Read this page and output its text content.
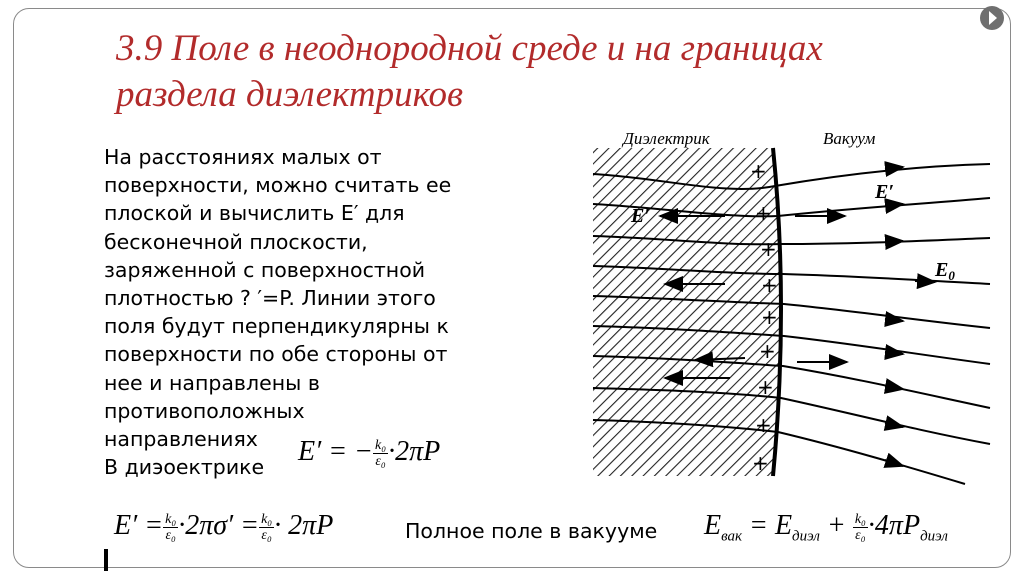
3.9 Поле в неоднородной среде и на границах
раздела диэлектриков
На расстояниях малых от
поверхности, можно считать ее
плоской и вычислить E′ для
бесконечной плоскости,
заряженной с поверхностной
плотностью ? ′=P. Линии этого
поля будут перпендикулярны к
поверхности по обе стороны от
нее и направлены в
противоположных
направлениях
В диэоектрике
E′ = − $\frac{\text{k₀}}{\text{ε₀}} \cdot 2\pi P$
$E' = \frac{\text{k₀}}{\text{ε₀}} \cdot 2\pi\sigma' = \frac{\text{k₀}}{\text{ε₀}} \cdot 2\pi P$	Полное поле в вакууме $E_{вак} = E_{диэл} + \frac{\text{k₀}}{\text{ε₀}} \cdot 4\pi P_{диэл}$
+
+
+
+
+
+
+
+
+
Диэлектрик	Вакуум
E′
E′
$E_0$
